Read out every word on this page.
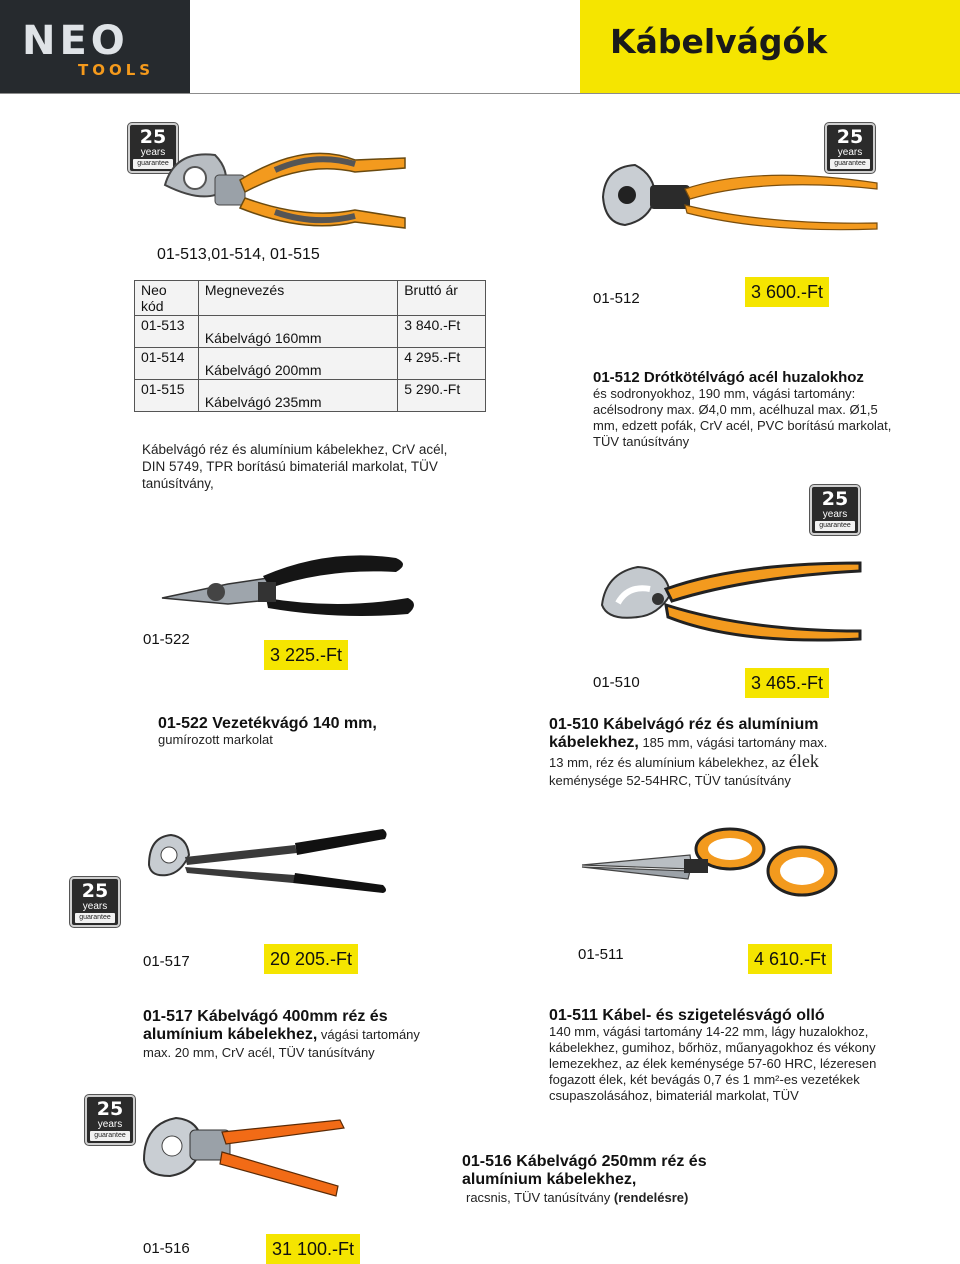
NEO
TOOLS
Kábelvágók
25
years
guarantee
25
years
guarantee
25
years
guarantee
25
years
guarantee
25
years
guarantee
01-513,01-514, 01-515
Neo kód	Megnevezés	Bruttó ár
01-513	Kábelvágó 160mm	3 840.-Ft
01-514	Kábelvágó 200mm	4 295.-Ft
01-515	Kábelvágó 235mm	5 290.-Ft
Kábelvágó réz és alumínium kábelekhez, CrV acél, DIN 5749, TPR borítású bimateriál markolat, TÜV tanúsítvány,
01-512	3 600.-Ft
01-512 Drótkötélvágó acél huzalokhoz
és sodronyokhoz, 190 mm, vágási tartomány: acélsodrony max. Ø4,0 mm, acélhuzal max. Ø1,5 mm, edzett pofák, CrV acél, PVC borítású markolat, TÜV tanúsítvány
01-522
3 225.-Ft
01-522 Vezetékvágó 140 mm,
gumírozott markolat
01-510	3 465.-Ft
01-510 Kábelvágó réz és alumínium
kábelekhez, 185 mm, vágási tartomány max.
13 mm, réz és alumínium kábelekhez, az élek
keménysége 52-54HRC, TÜV tanúsítvány
01-517	20 205.-Ft
01-517 Kábelvágó 400mm réz és
alumínium kábelekhez, vágási tartomány
max. 20 mm, CrV acél, TÜV tanúsítvány
01-511	4 610.-Ft
01-511 Kábel- és szigetelésvágó olló
140 mm, vágási tartomány 14-22 mm, lágy huzalokhoz, kábelekhez, gumihoz, bőrhöz, műanyagokhoz és vékony lemezekhez, az élek keménysége 57-60 HRC, lézeresen fogazott élek, két bevágás 0,7 és 1 mm²-es vezetékek csupaszolásához, bimateriál markolat, TÜV
01-516	31 100.-Ft
01-516 Kábelvágó 250mm réz és
alumínium kábelekhez,
racsnis, TÜV tanúsítvány (rendelésre)
